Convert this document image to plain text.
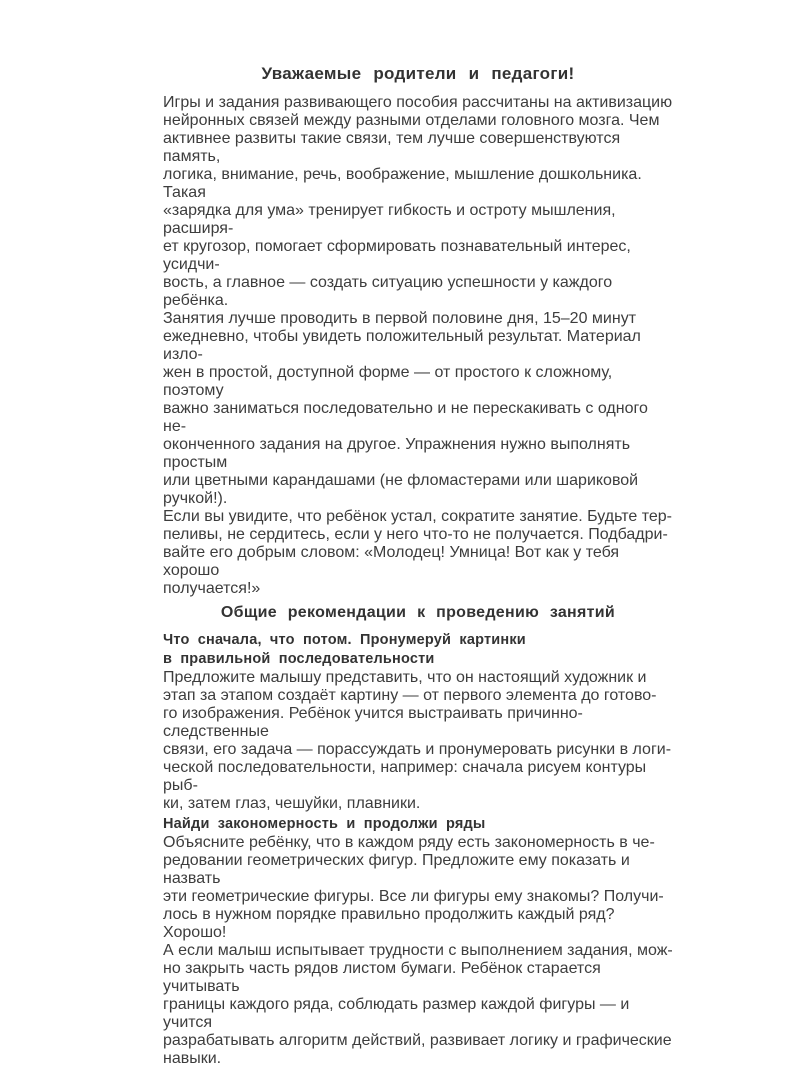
Уважаемые родители и педагоги!
Игры и задания развивающего пособия рассчитаны на активизацию
нейронных связей между разными отделами головного мозга. Чем
активнее развиты такие связи, тем лучше совершенствуются память,
логика, внимание, речь, воображение, мышление дошкольника. Такая
«зарядка для ума» тренирует гибкость и остроту мышления, расширя-
ет кругозор, помогает сформировать познавательный интерес, усидчи-
вость, а главное — создать ситуацию успешности у каждого ребёнка.
Занятия лучше проводить в первой половине дня, 15–20 минут
ежедневно, чтобы увидеть положительный результат. Материал изло-
жен в простой, доступной форме — от простого к сложному, поэтому
важно заниматься последовательно и не перескакивать с одного не-
оконченного задания на другое. Упражнения нужно выполнять простым
или цветными карандашами (не фломастерами или шариковой ручкой!).
Если вы увидите, что ребёнок устал, сократите занятие. Будьте тер-
пеливы, не сердитесь, если у него что-то не получается. Подбадри-
вайте его добрым словом: «Молодец! Умница! Вот как у тебя хорошо
получается!»
Общие рекомендации к проведению занятий
Что сначала, что потом. Пронумеруй картинки
в правильной последовательности
Предложите малышу представить, что он настоящий художник и
этап за этапом создаёт картину — от первого элемента до готово-
го изображения. Ребёнок учится выстраивать причинно-следственные
связи, его задача — порассуждать и пронумеровать рисунки в логи-
ческой последовательности, например: сначала рисуем контуры рыб-
ки, затем глаз, чешуйки, плавники.
Найди закономерность и продолжи ряды
Объясните ребёнку, что в каждом ряду есть закономерность в че-
редовании геометрических фигур. Предложите ему показать и назвать
эти геометрические фигуры. Все ли фигуры ему знакомы? Получи-
лось в нужном порядке правильно продолжить каждый ряд? Хорошо!
А если малыш испытывает трудности с выполнением задания, мож-
но закрыть часть рядов листом бумаги. Ребёнок старается учитывать
границы каждого ряда, соблюдать размер каждой фигуры — и учится
разрабатывать алгоритм действий, развивает логику и графические
навыки.
